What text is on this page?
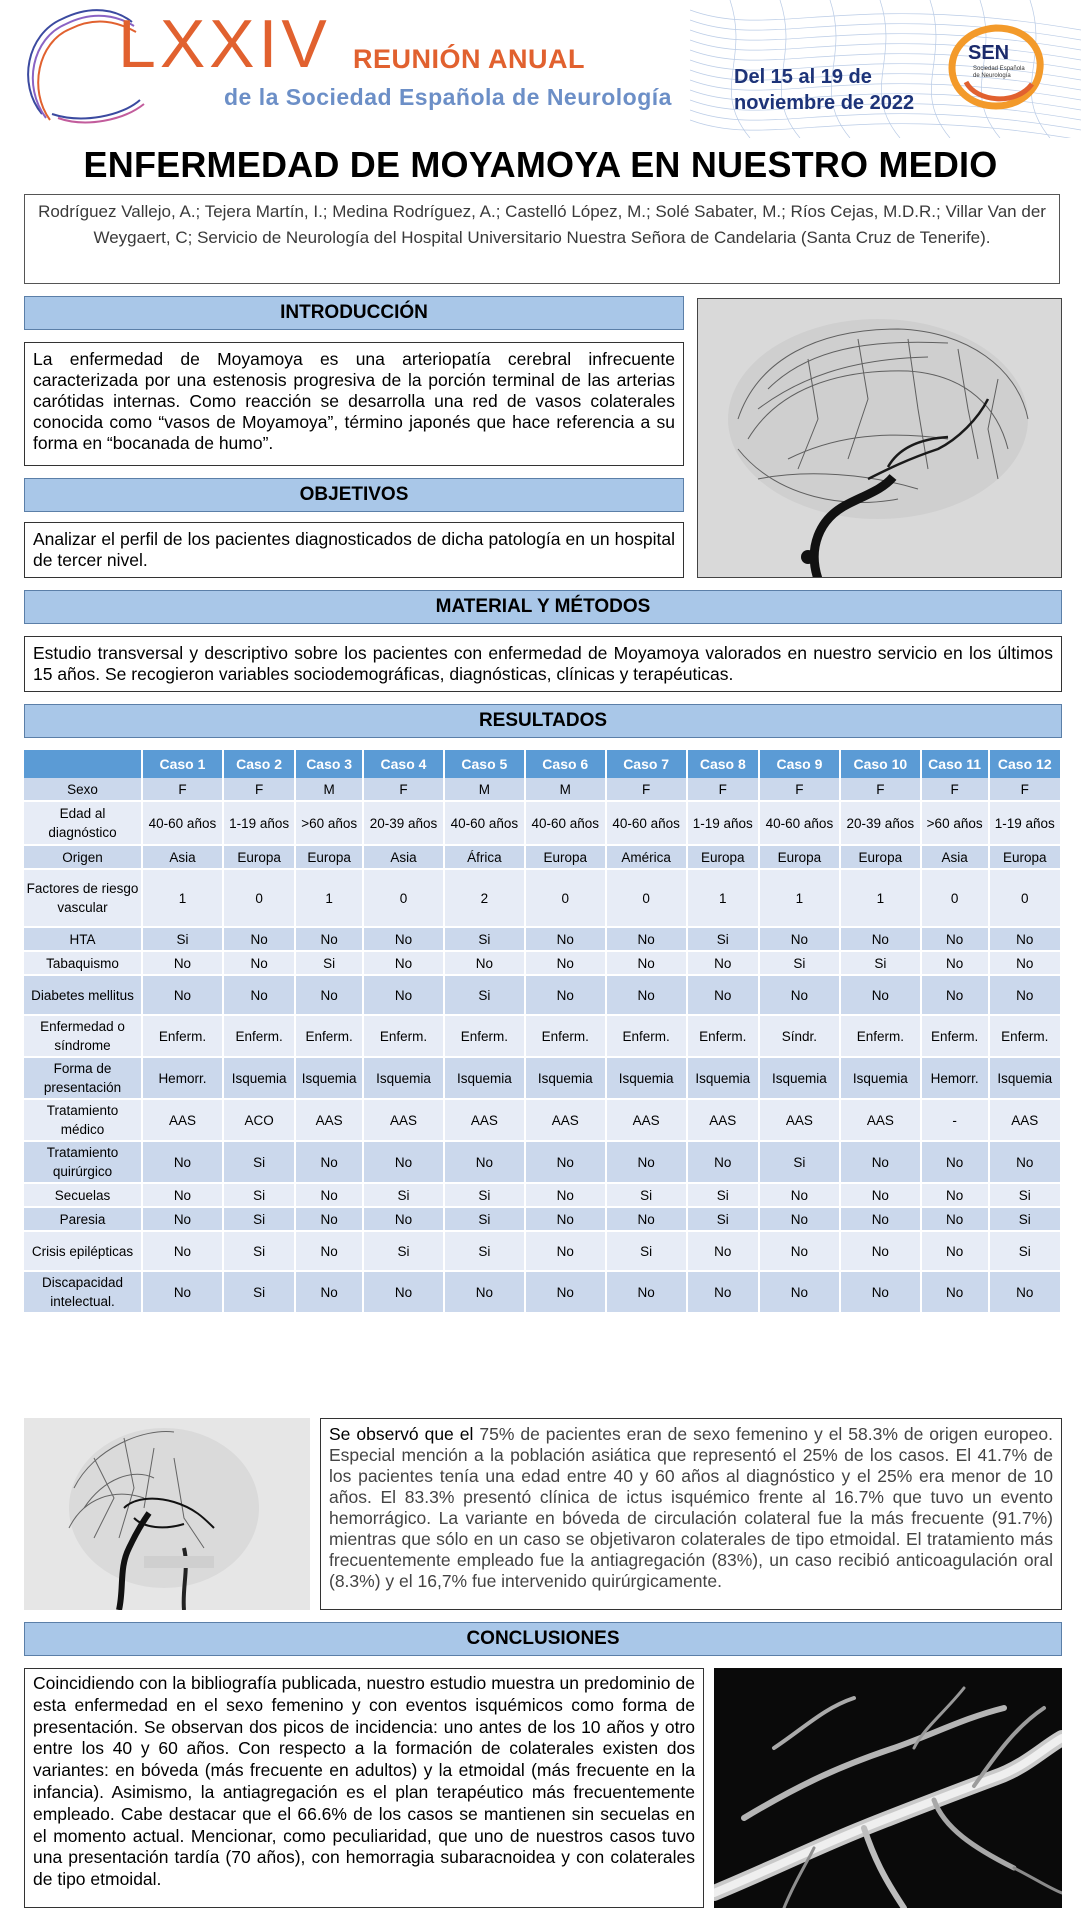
LXXIV REUNIÓN ANUAL
de la Sociedad Española de Neurología
Del 15 al 19 de
noviembre de 2022
SEN
Sociedad Española de Neurología
ENFERMEDAD DE MOYAMOYA EN NUESTRO MEDIO
Rodríguez Vallejo, A.; Tejera Martín, I.; Medina Rodríguez, A.; Castelló López, M.; Solé Sabater, M.; Ríos Cejas, M.D.R.; Villar Van der Weygaert, C; Servicio de Neurología del Hospital Universitario Nuestra Señora de Candelaria (Santa Cruz de Tenerife).
INTRODUCCIÓN
La enfermedad de Moyamoya es una arteriopatía cerebral infrecuente caracterizada por una estenosis progresiva de la porción terminal de las arterias carótidas internas. Como reacción se desarrolla una red de vasos colaterales conocida como “vasos de Moyamoya”, término japonés que hace referencia a su forma en “bocanada de humo”.
OBJETIVOS
Analizar el perfil de los pacientes diagnosticados de dicha patología en un hospital de tercer nivel.
MATERIAL Y MÉTODOS
Estudio transversal y descriptivo sobre los pacientes con enfermedad de Moyamoya valorados en nuestro servicio en los últimos 15 años. Se recogieron variables sociodemográficas, diagnósticas, clínicas y terapéuticas.
RESULTADOS
	Caso 1	Caso 2	Caso 3	Caso 4	Caso 5	Caso 6	Caso 7	Caso 8	Caso 9	Caso 10	Caso 11	Caso 12
Sexo	F	F	M	F	M	M	F	F	F	F	F	F
Edad al diagnóstico	40-60 años	1-19 años	>60 años	20-39 años	40-60 años	40-60 años	40-60 años	1-19 años	40-60 años	20-39 años	>60 años	1-19 años
Origen	Asia	Europa	Europa	Asia	África	Europa	América	Europa	Europa	Europa	Asia	Europa
Factores de riesgo vascular	1	0	1	0	2	0	0	1	1	1	0	0
HTA	Si	No	No	No	Si	No	No	Si	No	No	No	No
Tabaquismo	No	No	Si	No	No	No	No	No	Si	Si	No	No
Diabetes mellitus	No	No	No	No	Si	No	No	No	No	No	No	No
Enfermedad o síndrome	Enferm.	Enferm.	Enferm.	Enferm.	Enferm.	Enferm.	Enferm.	Enferm.	Síndr.	Enferm.	Enferm.	Enferm.
Forma de presentación	Hemorr.	Isquemia	Isquemia	Isquemia	Isquemia	Isquemia	Isquemia	Isquemia	Isquemia	Isquemia	Hemorr.	Isquemia
Tratamiento médico	AAS	ACO	AAS	AAS	AAS	AAS	AAS	AAS	AAS	AAS	-	AAS
Tratamiento quirúrgico	No	Si	No	No	No	No	No	No	Si	No	No	No
Secuelas	No	Si	No	Si	Si	No	Si	Si	No	No	No	Si
Paresia	No	Si	No	No	Si	No	No	Si	No	No	No	Si
Crisis epilépticas	No	Si	No	Si	Si	No	Si	No	No	No	No	Si
Discapacidad intelectual.	No	Si	No	No	No	No	No	No	No	No	No	No
Se observó que el 75% de pacientes eran de sexo femenino y el 58.3% de origen europeo. Especial mención a la población asiática que representó el 25% de los casos. El 41.7% de los pacientes tenía una edad entre 40 y 60 años al diagnóstico y el 25% era menor de 10 años. El 83.3% presentó clínica de ictus isquémico frente al 16.7% que tuvo un evento hemorrágico. La variante en bóveda de circulación colateral fue la más frecuente (91.7%) mientras que sólo en un caso se objetivaron colaterales de tipo etmoidal. El tratamiento más frecuentemente empleado fue la antiagregación (83%), un caso recibió anticoagulación oral (8.3%) y el 16,7% fue intervenido quirúrgicamente.
CONCLUSIONES
Coincidiendo con la bibliografía publicada, nuestro estudio muestra un predominio de esta enfermedad en el sexo femenino y con eventos isquémicos como forma de presentación. Se observan dos picos de incidencia: uno antes de los 10 años y otro entre los 40 y 60 años. Con respecto a la formación de colaterales existen dos variantes: en bóveda (más frecuente en adultos) y la etmoidal (más frecuente en la infancia). Asimismo, la antiagregación es el plan terapéutico más frecuentemente empleado. Cabe destacar que el 66.6% de los casos se mantienen sin secuelas en el momento actual. Mencionar, como peculiaridad, que uno de nuestros casos tuvo una presentación tardía (70 años), con hemorragia subaracnoidea y con colaterales de tipo etmoidal.
